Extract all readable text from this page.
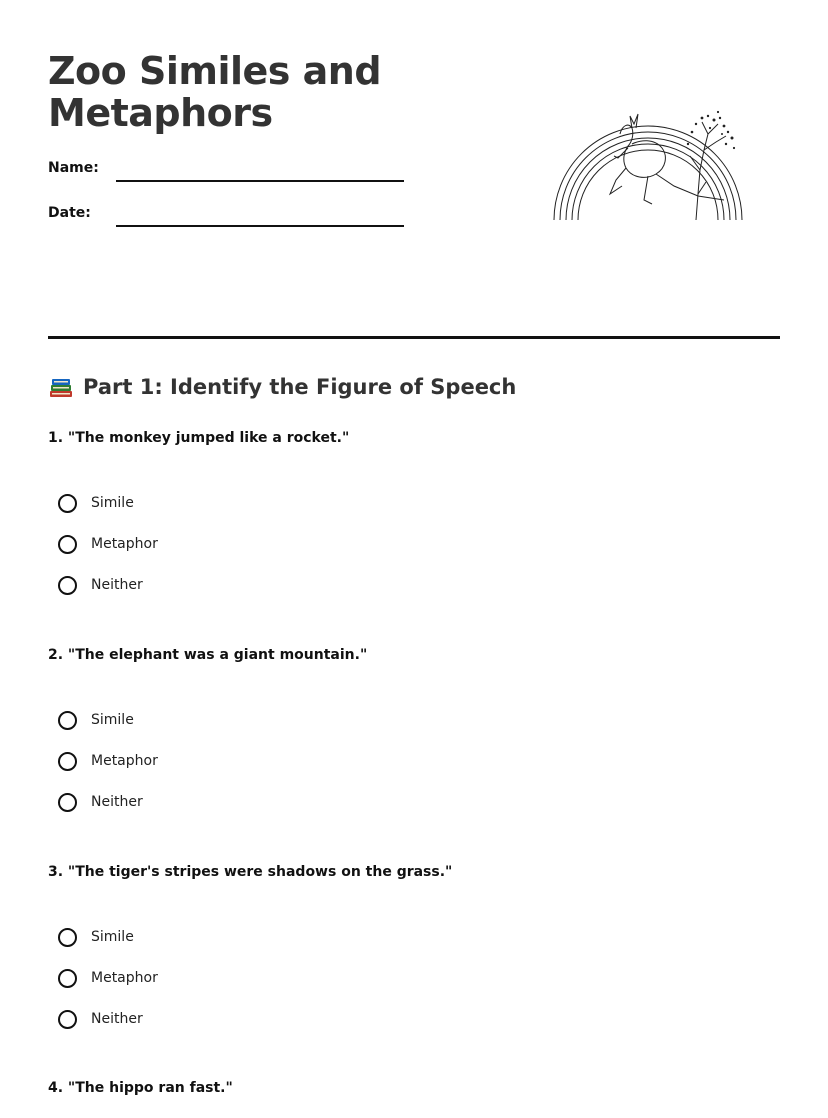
Zoo Similes and
Metaphors
Name:
Date:
Part 1: Identify the Figure of Speech
1. "The monkey jumped like a rocket."
Simile
Metaphor
Neither
2. "The elephant was a giant mountain."
Simile
Metaphor
Neither
3. "The tiger's stripes were shadows on the grass."
Simile
Metaphor
Neither
4. "The hippo ran fast."
